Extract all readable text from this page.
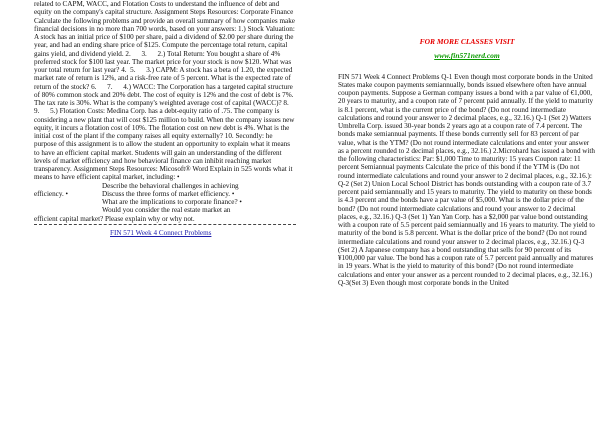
related to CAPM, WACC, and Flotation Costs to understand the influence of debt and equity on the company's capital structure. Assignment Steps Resources: Corporate Finance Calculate the following problems and provide an overall summary of how companies make financial decisions in no more than 700 words, based on your answers: 1.) Stock Valuation: A stock has an initial price of $100 per share, paid a dividend of $2.00 per share during the year, and had an ending share price of $125. Compute the percentage total return, capital gains yield, and dividend yield. 2.      3.      2.) Total Return: You bought a share of 4% preferred stock for $100 last year. The market price for your stock is now $120. What was your total return for last year? 4.  5.      3.) CAPM: A stock has a beta of 1.20, the expected market rate of return is 12%, and a risk-free rate of 5 percent. What is the expected rate of return of the stock? 6.      7.      4.) WACC: The Corporation has a targeted capital structure of 80% common stock and 20% debt. The cost of equity is 12% and the cost of debt is 7%. The tax rate is 30%. What is the company's weighted average cost of capital (WACC)? 8.      9.      5.) Flotation Costs: Medina Corp. has a debt-equity ratio of .75. The company is considering a new plant that will cost $125 million to build. When the company issues new equity, it incurs a flotation cost of 10%. The flotation cost on new debt is 4%. What is the initial cost of the plant if the company raises all equity externally? 10. Secondly: he purpose of this assignment is to allow the student an opportunity to explain what it means to have an efficient capital market. Students will gain an understanding of the different levels of market efficiency and how behavioral finance can inhibit reaching market transparency. Assignment Steps Resources: Micosoft® Word Explain in 525 words what it means to have efficient capital market, including: •

Describe the behavioral challenges in achieving
efficiency. •	Discuss the three forms of market efficiency. •
What are the implications to corporate finance? •
Would you consider the real estate market an
efficient capital market? Please explain why or why not.
FIN 571 Week 4 Connect Problems
FOR MORE CLASSES VISIT
www.fin571nerd.com

FIN 571 Week 4 Connect Problems Q-1 Even though most corporate bonds in the United States make coupon payments semiannually, bonds issued elsewhere often have annual coupon payments. Suppose a German company issues a bond with a par value of €1,000, 20 years to maturity, and a coupon rate of 7 percent paid annually. If the yield to maturity is 8.1 percent, what is the current price of the bond? (Do not round intermediate calculations and round your answer to 2 decimal places, e.g., 32.16.) Q-1 (Set 2) Watters Umbrella Corp. issued 30-year bonds 2 years ago at a coupon rate of 7.4 percent. The bonds make semiannual payments. If these bonds currently sell for 83 percent of par value, what is the YTM? (Do not round intermediate calculations and enter your answer as a percent rounded to 2 decimal places, e.g., 32.16.) 2.Microhard has issued a bond with the following characteristics: Par: $1,000 Time to maturity: 15 years Coupon rate: 11 percent Semiannual payments Calculate the price of this bond if the YTM is (Do not round intermediate calculations and round your answer to 2 decimal places, e.g., 32.16.): Q-2 (Set 2) Union Local School District has bonds outstanding with a coupon rate of 3.7 percent paid semiannually and 15 years to maturity. The yield to maturity on these bonds is 4.3 percent and the bonds have a par value of $5,000. What is the dollar price of the bond? (Do not round intermediate calculations and round your answer to 2 decimal places, e.g., 32.16.) Q-3 (Set 1) Yan Yan Corp. has a $2,000 par value bond outstanding with a coupon rate of 5.5 percent paid semiannually and 16 years to maturity. The yield to maturity of the bond is 5.8 percent. What is the dollar price of the bond? (Do not round intermediate calculations and round your answer to 2 decimal places, e.g., 32.16.) Q-3 (Set 2) A Japanese company has a bond outstanding that sells for 90 percent of its ¥100,000 par value. The bond has a coupon rate of 5.7 percent paid annually and matures in 19 years. What is the yield to maturity of this bond? (Do not round intermediate calculations and enter your answer as a percent rounded to 2 decimal places, e.g., 32.16.) Q-3(Set 3) Even though most corporate bonds in the United
